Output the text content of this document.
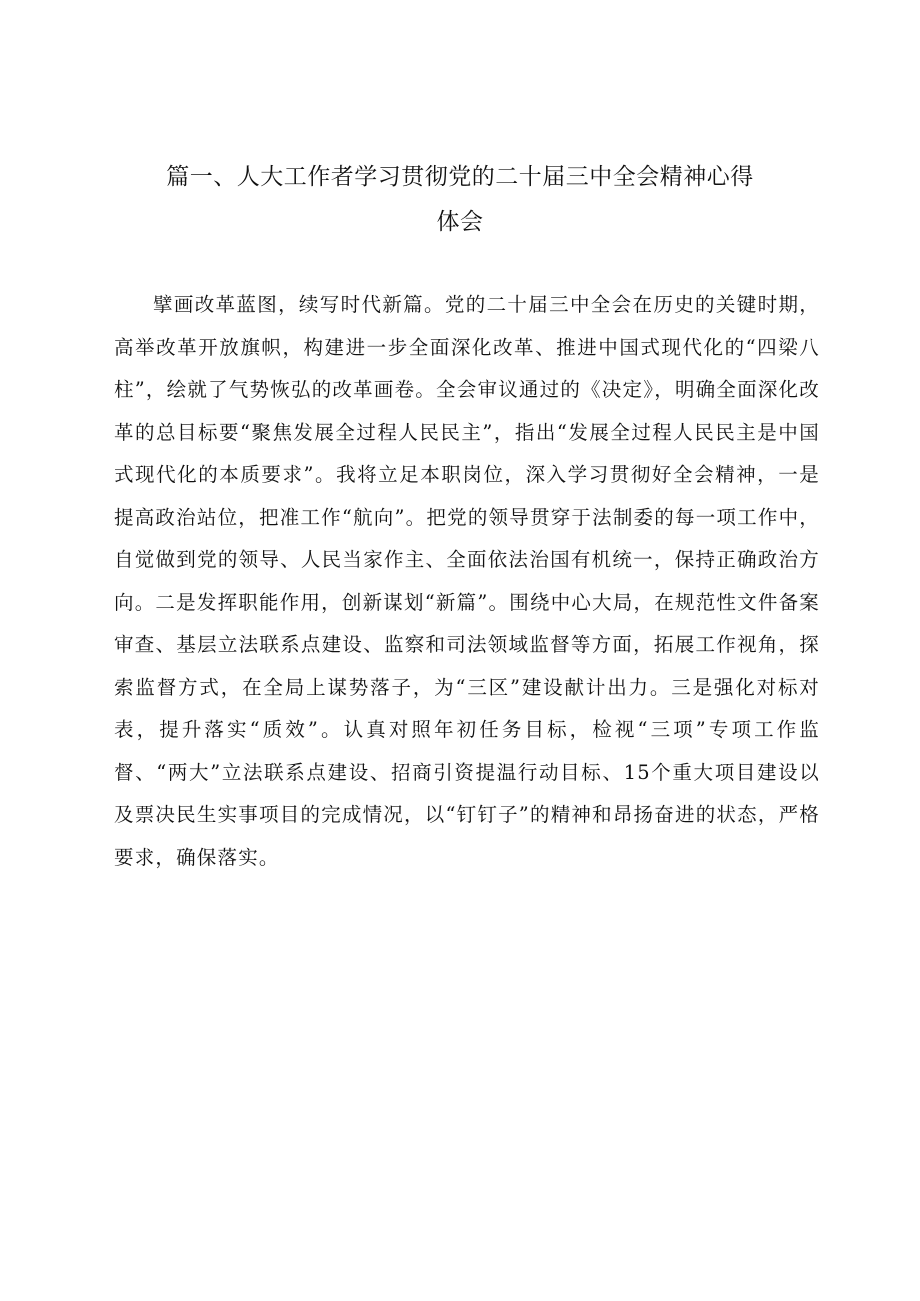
篇一、人大工作者学习贯彻党的二十届三中全会精神心得
体会

擘画改革蓝图，续写时代新篇。党的二十届三中全会在历史的关键时期，高举改革开放旗帜，构建进一步全面深化改革、推进中国式现代化的“四梁八柱”，绘就了气势恢弘的改革画卷。全会审议通过的《决定》，明确全面深化改革的总目标要“聚焦发展全过程人民民主”，指出“发展全过程人民民主是中国式现代化的本质要求”。我将立足本职岗位，深入学习贯彻好全会精神，一是提高政治站位，把准工作“航向”。把党的领导贯穿于法制委的每一项工作中，自觉做到党的领导、人民当家作主、全面依法治国有机统一，保持正确政治方向。二是发挥职能作用，创新谋划“新篇”。围绕中心大局，在规范性文件备案审查、基层立法联系点建设、监察和司法领域监督等方面，拓展工作视角，探索监督方式，在全局上谋势落子，为“三区”建设献计出力。三是强化对标对表，提升落实“质效”。认真对照年初任务目标，检视“三项”专项工作监督、“两大”立法联系点建设、招商引资提温行动目标、15个重大项目建设以及票决民生实事项目的完成情况，以“钉钉子”的精神和昂扬奋进的状态，严格要求，确保落实。
